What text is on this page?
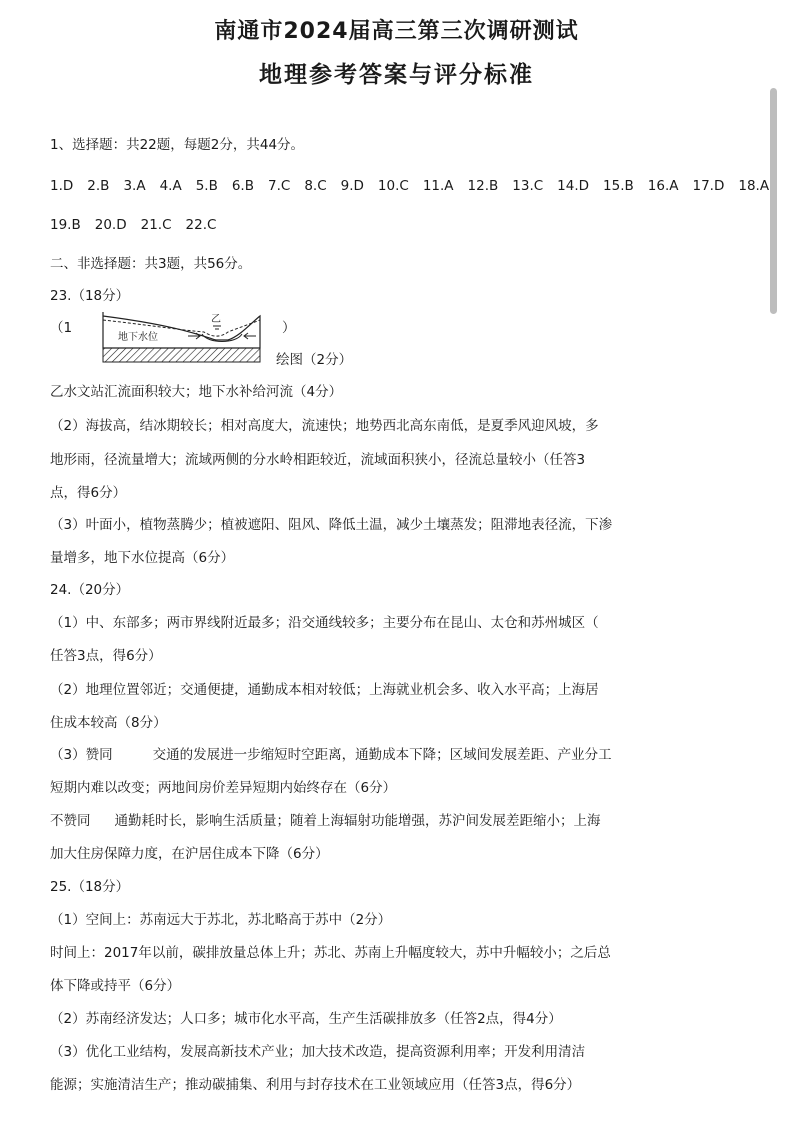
南通市2024届高三第三次调研测试
地理参考答案与评分标准
1、选择题：共22题，每题2分，共44分。
1.D 2.B 3.A 4.A 5.B 6.B 7.C 8.C 9.D 10.C 11.A 12.B 13.C 14.D 15.B 16.A 17.D 18.A
19.B 20.D 21.C 22.C
二、非选择题：共3题，共56分。
23.（18分）
（1	）
乙
地下水位
绘图（2分）
乙水文站汇流面积较大；地下水补给河流（4分）
（2）海拔高，结冰期较长；相对高度大，流速快；地势西北高东南低，是夏季风迎风坡，多
地形雨，径流量增大；流域两侧的分水岭相距较近，流域面积狭小，径流总量较小（任答3
点，得6分）
（3）叶面小，植物蒸腾少；植被遮阳、阻风、降低土温，减少土壤蒸发；阻滞地表径流，下渗
量增多，地下水位提高（6分）
24.（20分）
（1）中、东部多；两市界线附近最多；沿交通线较多；主要分布在昆山、太仓和苏州城区（
任答3点，得6分）
（2）地理位置邻近；交通便捷，通勤成本相对较低；上海就业机会多、收入水平高；上海居
住成本较高（8分）
（3）赞同	交通的发展进一步缩短时空距离，通勤成本下降；区域间发展差距、产业分工
短期内难以改变；两地间房价差异短期内始终存在（6分）
不赞同 通勤耗时长，影响生活质量；随着上海辐射功能增强，苏沪间发展差距缩小；上海
加大住房保障力度，在沪居住成本下降（6分）
25.（18分）
（1）空间上：苏南远大于苏北，苏北略高于苏中（2分）
时间上：2017年以前，碳排放量总体上升；苏北、苏南上升幅度较大，苏中升幅较小；之后总
体下降或持平（6分）
（2）苏南经济发达；人口多；城市化水平高，生产生活碳排放多（任答2点，得4分）
（3）优化工业结构，发展高新技术产业；加大技术改造，提高资源利用率；开发利用清洁
能源；实施清洁生产；推动碳捕集、利用与封存技术在工业领域应用（任答3点，得6分）
